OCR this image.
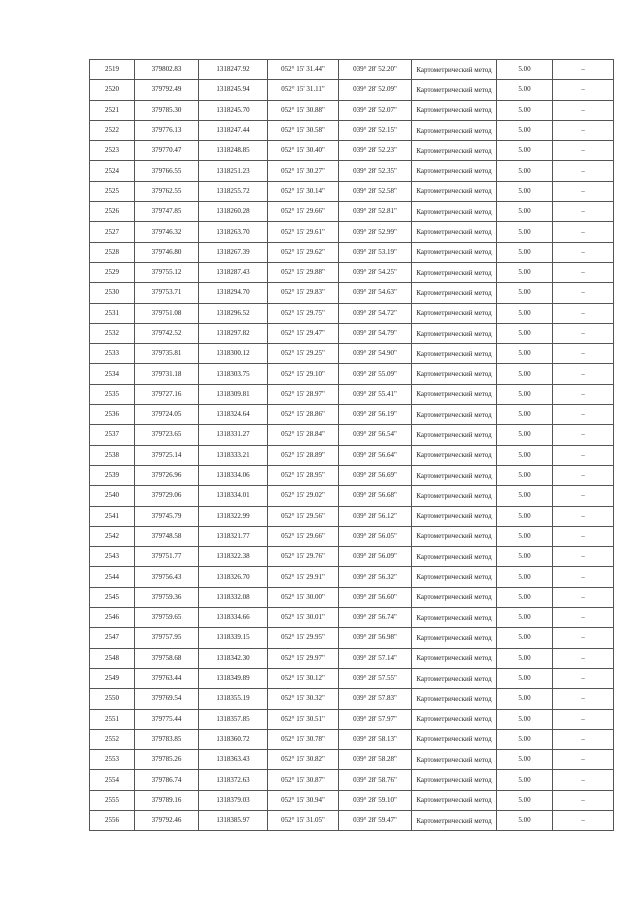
2519	379802.83	1318247.92	052° 15' 31.44"	039° 28' 52.20"	Картометрический метод	5.00	–
2520	379792.49	1318245.94	052° 15' 31.11"	039° 28' 52.09"	Картометрический метод	5.00	–
2521	379785.30	1318245.70	052° 15' 30.88"	039° 28' 52.07"	Картометрический метод	5.00	–
2522	379776.13	1318247.44	052° 15' 30.58"	039° 28' 52.15"	Картометрический метод	5.00	–
2523	379770.47	1318248.85	052° 15' 30.40"	039° 28' 52.23"	Картометрический метод	5.00	–
2524	379766.55	1318251.23	052° 15' 30.27"	039° 28' 52.35"	Картометрический метод	5.00	–
2525	379762.55	1318255.72	052° 15' 30.14"	039° 28' 52.58"	Картометрический метод	5.00	–
2526	379747.85	1318260.28	052° 15' 29.66"	039° 28' 52.81"	Картометрический метод	5.00	–
2527	379746.32	1318263.70	052° 15' 29.61"	039° 28' 52.99"	Картометрический метод	5.00	–
2528	379746.80	1318267.39	052° 15' 29.62"	039° 28' 53.19"	Картометрический метод	5.00	–
2529	379755.12	1318287.43	052° 15' 29.88"	039° 28' 54.25"	Картометрический метод	5.00	–
2530	379753.71	1318294.70	052° 15' 29.83"	039° 28' 54.63"	Картометрический метод	5.00	–
2531	379751.08	1318296.52	052° 15' 29.75"	039° 28' 54.72"	Картометрический метод	5.00	–
2532	379742.52	1318297.82	052° 15' 29.47"	039° 28' 54.79"	Картометрический метод	5.00	–
2533	379735.81	1318300.12	052° 15' 29.25"	039° 28' 54.90"	Картометрический метод	5.00	–
2534	379731.18	1318303.75	052° 15' 29.10"	039° 28' 55.09"	Картометрический метод	5.00	–
2535	379727.16	1318309.81	052° 15' 28.97"	039° 28' 55.41"	Картометрический метод	5.00	–
2536	379724.05	1318324.64	052° 15' 28.86"	039° 28' 56.19"	Картометрический метод	5.00	–
2537	379723.65	1318331.27	052° 15' 28.84"	039° 28' 56.54"	Картометрический метод	5.00	–
2538	379725.14	1318333.21	052° 15' 28.89"	039° 28' 56.64"	Картометрический метод	5.00	–
2539	379726.96	1318334.06	052° 15' 28.95"	039° 28' 56.69"	Картометрический метод	5.00	–
2540	379729.06	1318334.01	052° 15' 29.02"	039° 28' 56.68"	Картометрический метод	5.00	–
2541	379745.79	1318322.99	052° 15' 29.56"	039° 28' 56.12"	Картометрический метод	5.00	–
2542	379748.58	1318321.77	052° 15' 29.66"	039° 28' 56.05"	Картометрический метод	5.00	–
2543	379751.77	1318322.38	052° 15' 29.76"	039° 28' 56.09"	Картометрический метод	5.00	–
2544	379756.43	1318326.70	052° 15' 29.91"	039° 28' 56.32"	Картометрический метод	5.00	–
2545	379759.36	1318332.08	052° 15' 30.00"	039° 28' 56.60"	Картометрический метод	5.00	–
2546	379759.65	1318334.66	052° 15' 30.01"	039° 28' 56.74"	Картометрический метод	5.00	–
2547	379757.95	1318339.15	052° 15' 29.95"	039° 28' 56.98"	Картометрический метод	5.00	–
2548	379758.68	1318342.30	052° 15' 29.97"	039° 28' 57.14"	Картометрический метод	5.00	–
2549	379763.44	1318349.89	052° 15' 30.12"	039° 28' 57.55"	Картометрический метод	5.00	–
2550	379769.54	1318355.19	052° 15' 30.32"	039° 28' 57.83"	Картометрический метод	5.00	–
2551	379775.44	1318357.85	052° 15' 30.51"	039° 28' 57.97"	Картометрический метод	5.00	–
2552	379783.85	1318360.72	052° 15' 30.78"	039° 28' 58.13"	Картометрический метод	5.00	–
2553	379785.26	1318363.43	052° 15' 30.82"	039° 28' 58.28"	Картометрический метод	5.00	–
2554	379786.74	1318372.63	052° 15' 30.87"	039° 28' 58.76"	Картометрический метод	5.00	–
2555	379789.16	1318379.03	052° 15' 30.94"	039° 28' 59.10"	Картометрический метод	5.00	–
2556	379792.46	1318385.97	052° 15' 31.05"	039° 28' 59.47"	Картометрический метод	5.00	–
